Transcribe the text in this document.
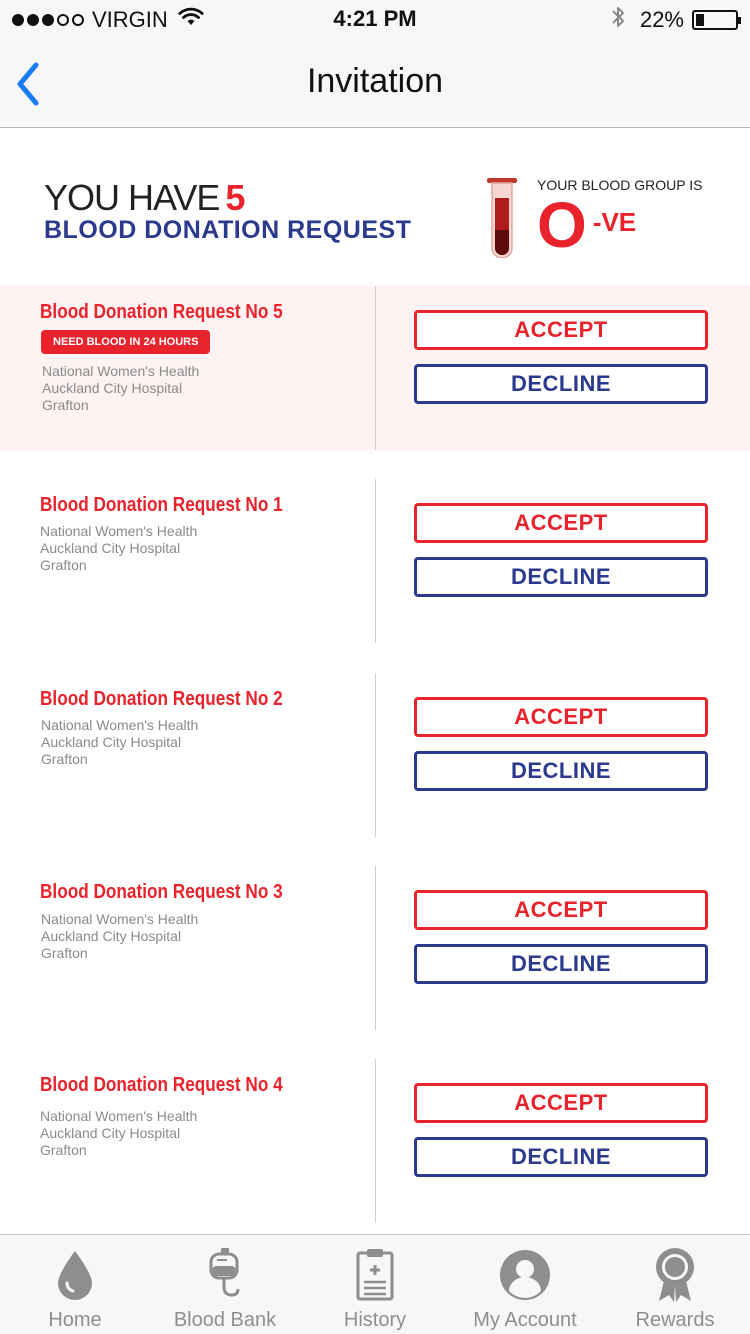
VIRGIN	4:21 PM	22%
Invitation
YOU HAVE 5
BLOOD DONATION REQUEST
YOUR BLOOD GROUP IS
O -VE
Blood Donation Request No 5
NEED BLOOD IN 24 HOURS
National Women's Health
Auckland City Hospital
Grafton
ACCEPT
DECLINE
Blood Donation Request No 1
National Women's Health
Auckland City Hospital
Grafton
ACCEPT
DECLINE
Blood Donation Request No 2
National Women's Health
Auckland City Hospital
Grafton
ACCEPT
DECLINE
Blood Donation Request No 3
National Women's Health
Auckland City Hospital
Grafton
ACCEPT
DECLINE
Blood Donation Request No 4
National Women's Health
Auckland City Hospital
Grafton
ACCEPT
DECLINE
Home	Blood Bank	History	My Account	Rewards
